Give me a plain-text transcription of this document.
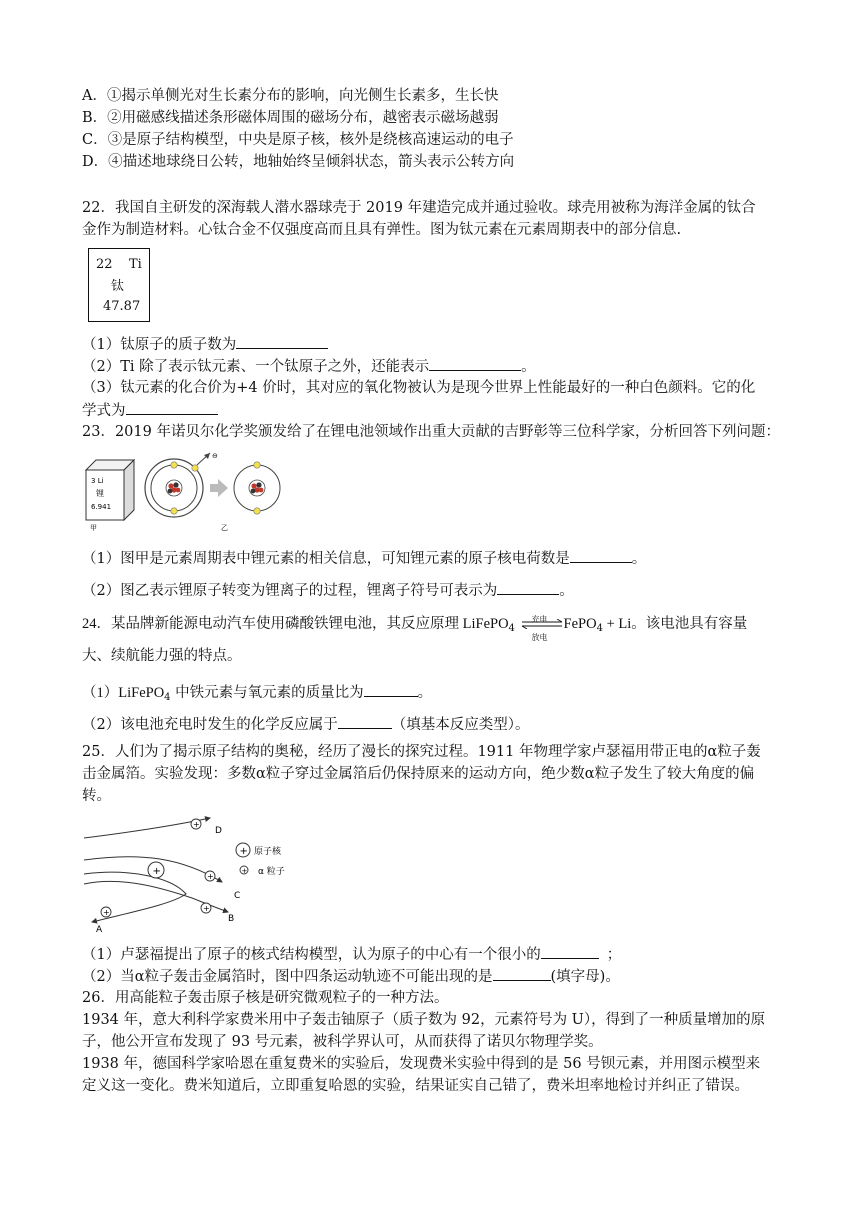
A．①揭示单侧光对生长素分布的影响，向光侧生长素多，生长快
B．②用磁感线描述条形磁体周围的磁场分布，越密表示磁场越弱
C．③是原子结构模型，中央是原子核，核外是绕核高速运动的电子
D．④描述地球绕日公转，地轴始终呈倾斜状态，箭头表示公转方向
22．我国自主研发的深海载人潜水器球壳于 2019 年建造完成并通过验收。球壳用被称为海洋金属的钛合
金作为制造材料。心钛合金不仅强度高而且具有弹性。图为钛元素在元素周期表中的部分信息.
22 Ti
钛
47.87
（1）钛原子的质子数为
（2）Ti 除了表示钛元素、一个钛原子之外，还能表示	。
（3）钛元素的化合价为+4 价时，其对应的氧化物被认为是现今世界上性能最好的一种白色颜料。它的化
学式为
23．2019 年诺贝尔化学奖颁发给了在锂电池领域作出重大贡献的吉野彰等三位科学家，分析回答下列问题：
3 Li
锂
6.941
甲
⊖
乙
（1）图甲是元素周期表中锂元素的相关信息，可知锂元素的原子核电荷数是	。
（2）图乙表示锂原子转变为锂离子的过程，锂离子符号可表示为	。
24．某品牌新能源电动汽车使用磷酸铁锂电池，其反应原理 LiFePO$_4$
充电
放电
FePO$_4$ + Li。该电池具有容量
大、续航能力强的特点。
（1）LiFePO$_4$ 中铁元素与氧元素的质量比为	。
（2）该电池充电时发生的化学反应属于	（填基本反应类型）。
25．人们为了揭示原子结构的奥秘，经历了漫长的探究过程。1911 年物理学家卢瑟福用带正电的α粒子轰
击金属箔。实验发现：多数α粒子穿过金属箔后仍保持原来的运动方向，绝少数α粒子发生了较大角度的偏
转。
+
+
+
+	+
D
C
B
A
+ 原子核
+ α 粒子
（1）卢瑟福提出了原子的核式结构模型，认为原子的中心有一个很小的	；
（2）当α粒子轰击金属箔时，图中四条运动轨迹不可能出现的是	(填字母)。
26．用高能粒子轰击原子核是研究微观粒子的一种方法。
1934 年，意大利科学家费米用中子轰击铀原子（质子数为 92，元素符号为 U），得到了一种质量增加的原
子，他公开宣布发现了 93 号元素，被科学界认可，从而获得了诺贝尔物理学奖。
1938 年，德国科学家哈恩在重复费米的实验后，发现费米实验中得到的是 56 号钡元素，并用图示模型来
定义这一变化。费米知道后，立即重复哈恩的实验，结果证实自己错了，费米坦率地检讨并纠正了错误。
